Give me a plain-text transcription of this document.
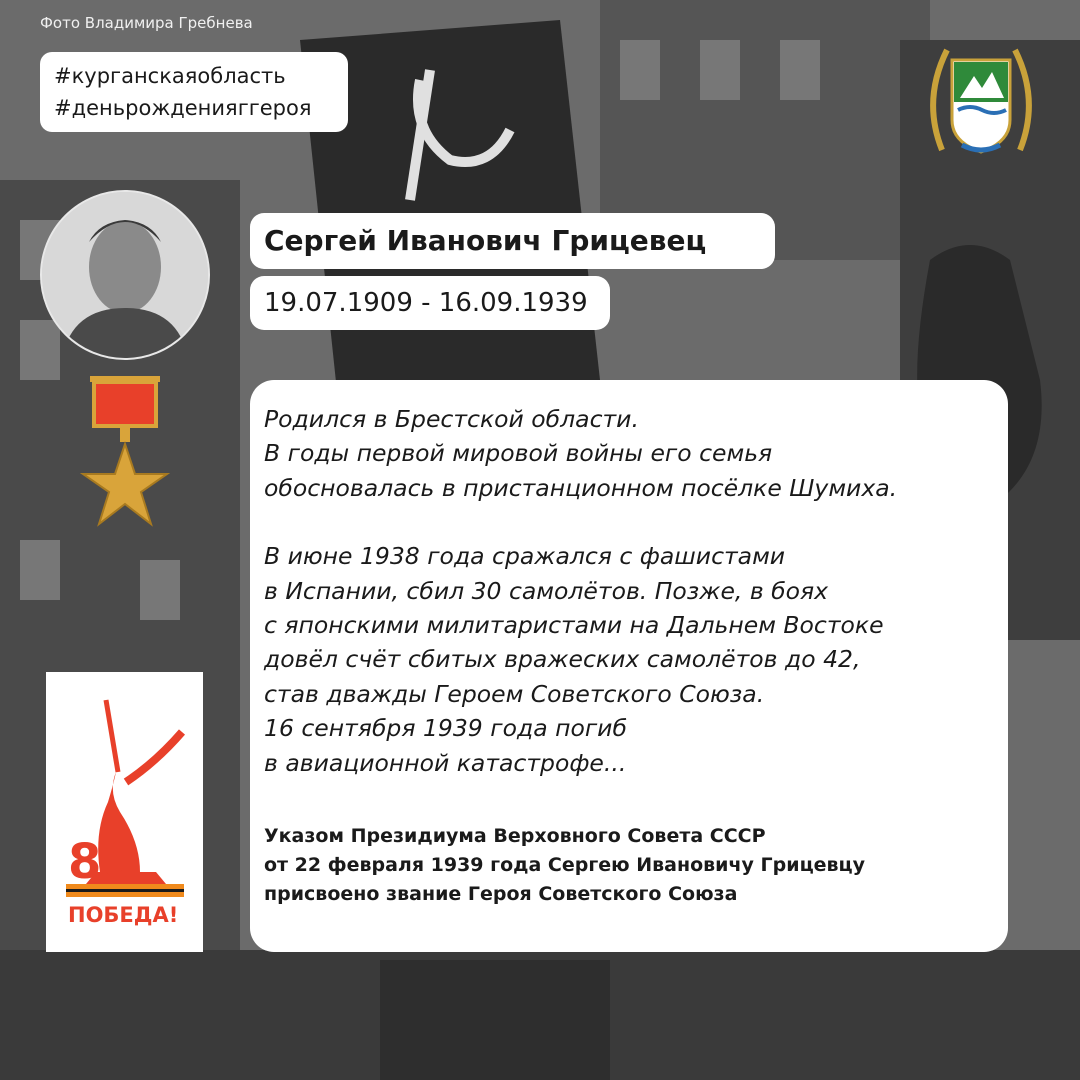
Фото Владимира Гребнева
#курганскаяобласть
#деньрожденияггероя
Сергей Иванович Грицевец
19.07.1909 - 16.09.1939

Родился в Брестской области.

В годы первой мировой войны его семья

обосновалась в пристанционном посёлке Шумиха.

В июне 1938 года сражался с фашистами

в Испании, сбил 30 самолётов. Позже, в боях

с японскими милитаристами на Дальнем Востоке

довёл счёт сбитых вражеских самолётов до 42,

став дважды Героем Советского Союза.

16 сентября 1939 года погиб

в авиационной катастрофе...

Указом Президиума Верховного Совета СССР
от 22 февраля 1939 года Сергею Ивановичу Грицевцу
присвоено звание Героя Советского Союза
80
ПОБЕДА!
